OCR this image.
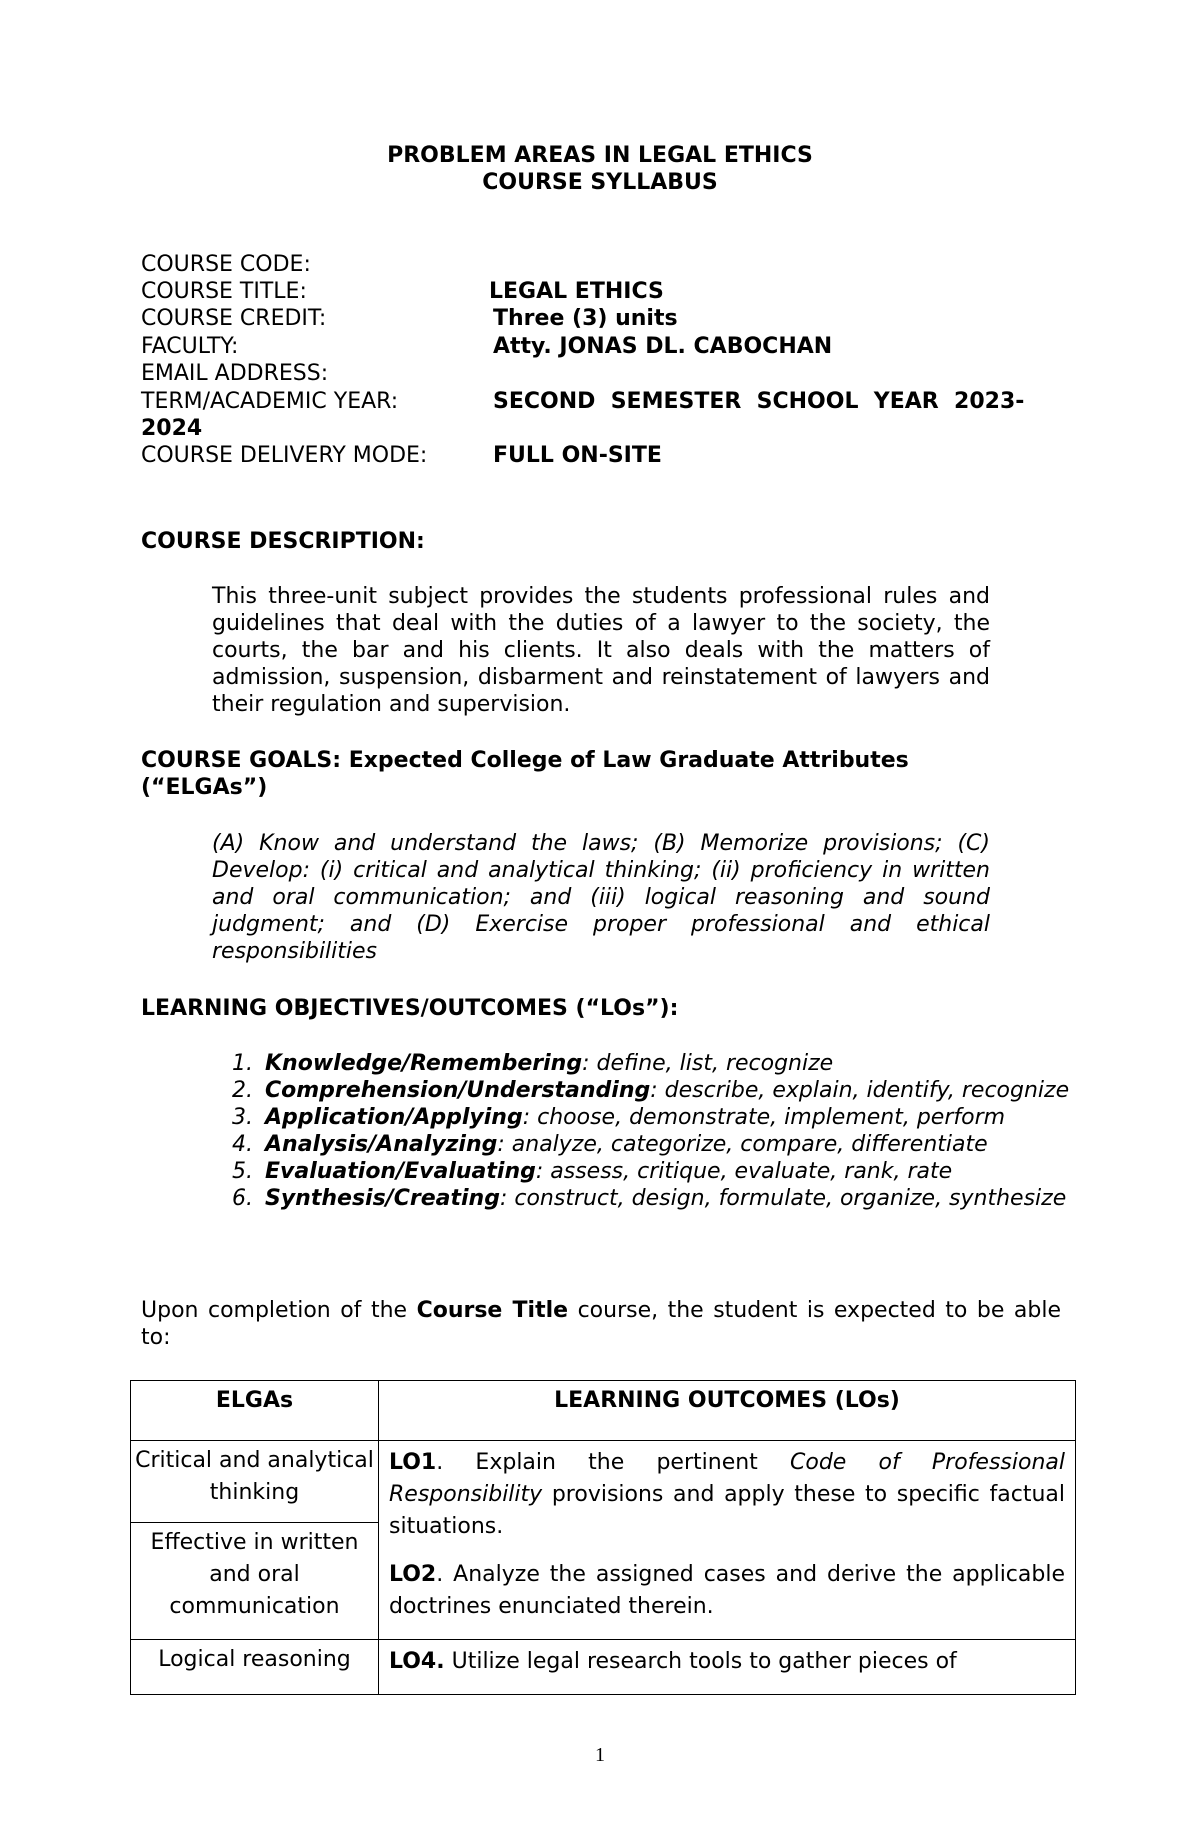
PROBLEM AREAS IN LEGAL ETHICS
COURSE SYLLABUS
COURSE CODE:
COURSE TITLE:	LEGAL ETHICS
COURSE CREDIT:	Three (3) units
FACULTY:	Atty. JONAS DL. CABOCHAN
EMAIL ADDRESS:
TERM/ACADEMIC YEAR:	SECOND  SEMESTER  SCHOOL  YEAR  2023-
2024
COURSE DELIVERY MODE:	FULL ON-SITE
COURSE DESCRIPTION:
This three-unit subject provides the students professional rules and guidelines that deal with the duties of a lawyer to the society, the courts, the bar and his clients. It also deals with the matters of admission, suspension, disbarment and reinstatement of lawyers and their regulation and supervision.
COURSE GOALS: Expected College of Law Graduate Attributes (“ELGAs”)
(A) Know and understand the laws; (B) Memorize provisions; (C) Develop: (i) critical and analytical thinking; (ii) proficiency in written and oral communication; and (iii) logical reasoning and sound judgment; and (D) Exercise proper professional and ethical responsibilities
LEARNING OBJECTIVES/OUTCOMES (“LOs”):
1. Knowledge/Remembering: define, list, recognize
2. Comprehension/Understanding: describe, explain, identify, recognize
3. Application/Applying: choose, demonstrate, implement, perform
4. Analysis/Analyzing: analyze, categorize, compare, differentiate
5. Evaluation/Evaluating: assess, critique, evaluate, rank, rate
6. Synthesis/Creating: construct, design, formulate, organize, synthesize
Upon completion of the Course Title course, the student is expected to be able to:
ELGAs	LEARNING OUTCOMES (LOs)
Critical and analytical thinking	LO1. Explain the pertinent Code of Professional Responsibility provisions and apply these to specific factual situations.

LO2. Analyze the assigned cases and derive the applicable doctrines enunciated therein.

Effective in written and oral communication	
Logical reasoning	LO4. Utilize legal research tools to gather pieces of

1
